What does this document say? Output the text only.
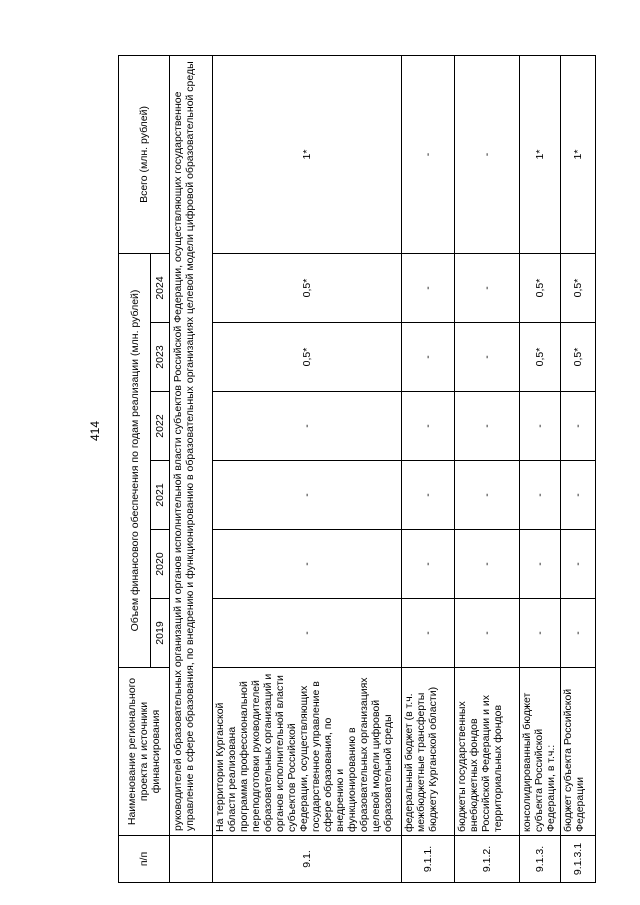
414
п/п	Наименование регионального проекта и источники финансирования	Объем финансового обеспечения по годам реализации (млн. рублей)						Всего (млн. рублей)
		2019	2020	2021	2022	2023	2024	
	руководителей образовательных организаций и органов исполнительной власти субъектов Российской Федерации, осуществляющих государственное управление в сфере образования, по внедрению и функционированию в образовательных организациях целевой модели цифровой образовательной среды							
9.1.	На территории Курганской области реализована программа профессиональной переподготовки руководителей образовательных организаций и органов исполнительной власти субъектов Российской Федерации, осуществляющих государственное управление в сфере образования, по внедрению и функционированию в образовательных организациях целевой модели цифровой образовательной среды	-	-	-	-	0,5*	0,5*	1*
9.1.1.	федеральный бюджет (в т.ч. межбюджетные трансферты бюджету Курганской области)	-	-	-	-	-	-	-
9.1.2.	бюджеты государственных внебюджетных фондов Российской Федерации и их территориальных фондов	-	-	-	-	-	-	-
9.1.3.	консолидированный бюджет субъекта Российской Федерации, в т.ч.:	-	-	-	-	0,5*	0,5*	1*
9.1.3.1	бюджет субъекта Российской Федерации	-	-	-	-	0,5*	0,5*	1*
